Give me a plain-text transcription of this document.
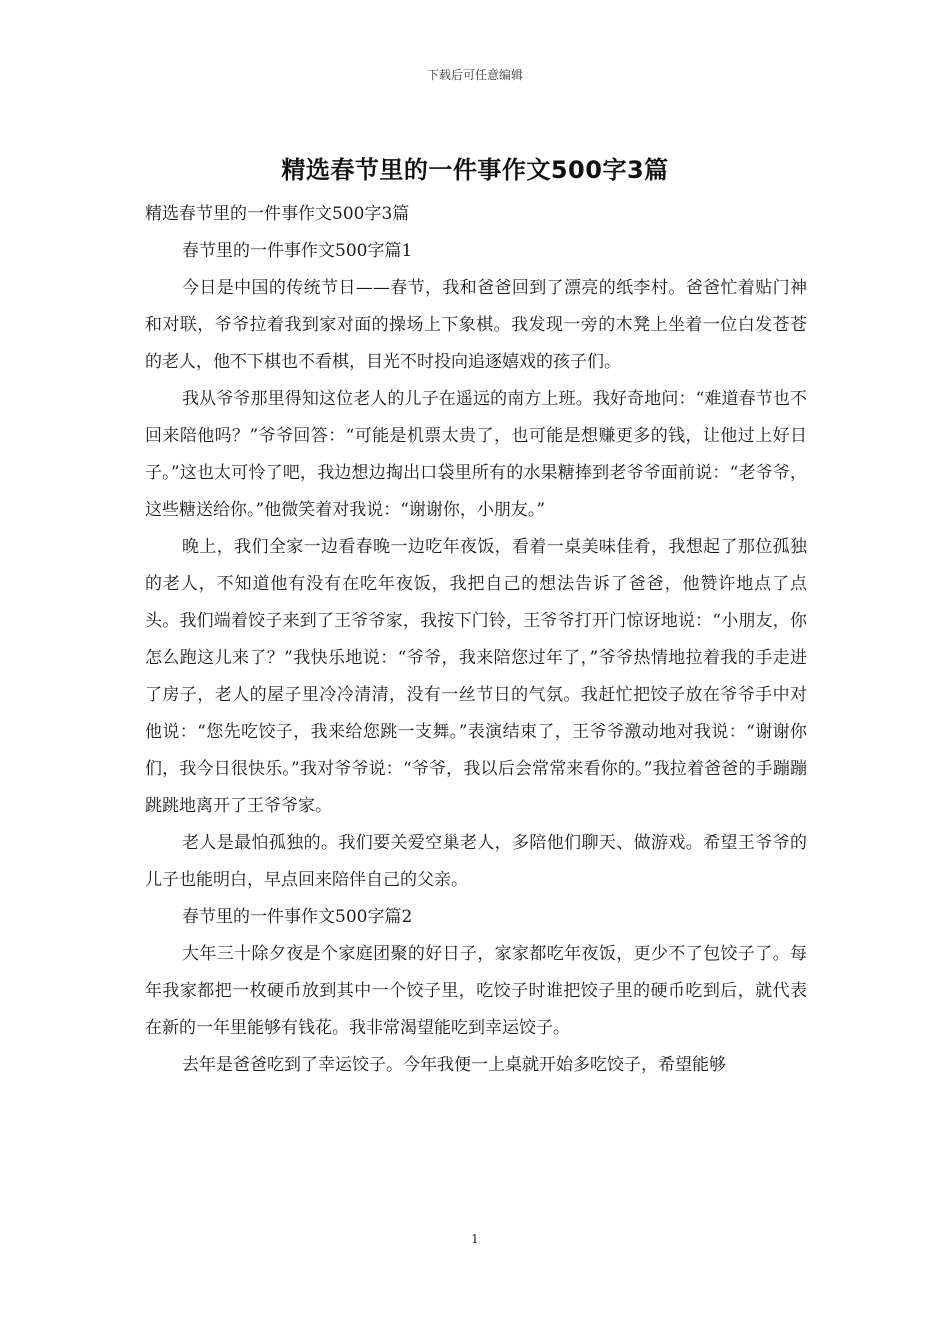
下载后可任意编辑
精选春节里的一件事作文500字3篇

精选春节里的一件事作文500字3篇

春节里的一件事作文500字篇1

今日是中国的传统节日——春节，我和爸爸回到了漂亮的纸李村。爸爸忙着贴门神和对联，爷爷拉着我到家对面的操场上下象棋。我发现一旁的木凳上坐着一位白发苍苍的老人，他不下棋也不看棋，目光不时投向追逐嬉戏的孩子们。

我从爷爷那里得知这位老人的儿子在遥远的南方上班。我好奇地问：“难道春节也不回来陪他吗？”爷爷回答：“可能是机票太贵了，也可能是想赚更多的钱，让他过上好日子。”这也太可怜了吧，我边想边掏出口袋里所有的水果糖捧到老爷爷面前说：“老爷爷，这些糖送给你。”他微笑着对我说：“谢谢你，小朋友。”

晚上，我们全家一边看春晚一边吃年夜饭，看着一桌美味佳肴，我想起了那位孤独的老人，不知道他有没有在吃年夜饭，我把自己的想法告诉了爸爸，他赞许地点了点头。我们端着饺子来到了王爷爷家，我按下门铃，王爷爷打开门惊讶地说：“小朋友，你怎么跑这儿来了？”我快乐地说：“爷爷，我来陪您过年了，”爷爷热情地拉着我的手走进了房子，老人的屋子里冷冷清清，没有一丝节日的气氛。我赶忙把饺子放在爷爷手中对他说：“您先吃饺子，我来给您跳一支舞。”表演结束了，王爷爷激动地对我说：“谢谢你们，我今日很快乐。”我对爷爷说：“爷爷，我以后会常常来看你的。”我拉着爸爸的手蹦蹦跳跳地离开了王爷爷家。

老人是最怕孤独的。我们要关爱空巢老人，多陪他们聊天、做游戏。希望王爷爷的儿子也能明白，早点回来陪伴自己的父亲。

春节里的一件事作文500字篇2

大年三十除夕夜是个家庭团聚的好日子，家家都吃年夜饭，更少不了包饺子了。每年我家都把一枚硬币放到其中一个饺子里，吃饺子时谁把饺子里的硬币吃到后，就代表在新的一年里能够有钱花。我非常渴望能吃到幸运饺子。

去年是爸爸吃到了幸运饺子。今年我便一上桌就开始多吃饺子，希望能够

1
